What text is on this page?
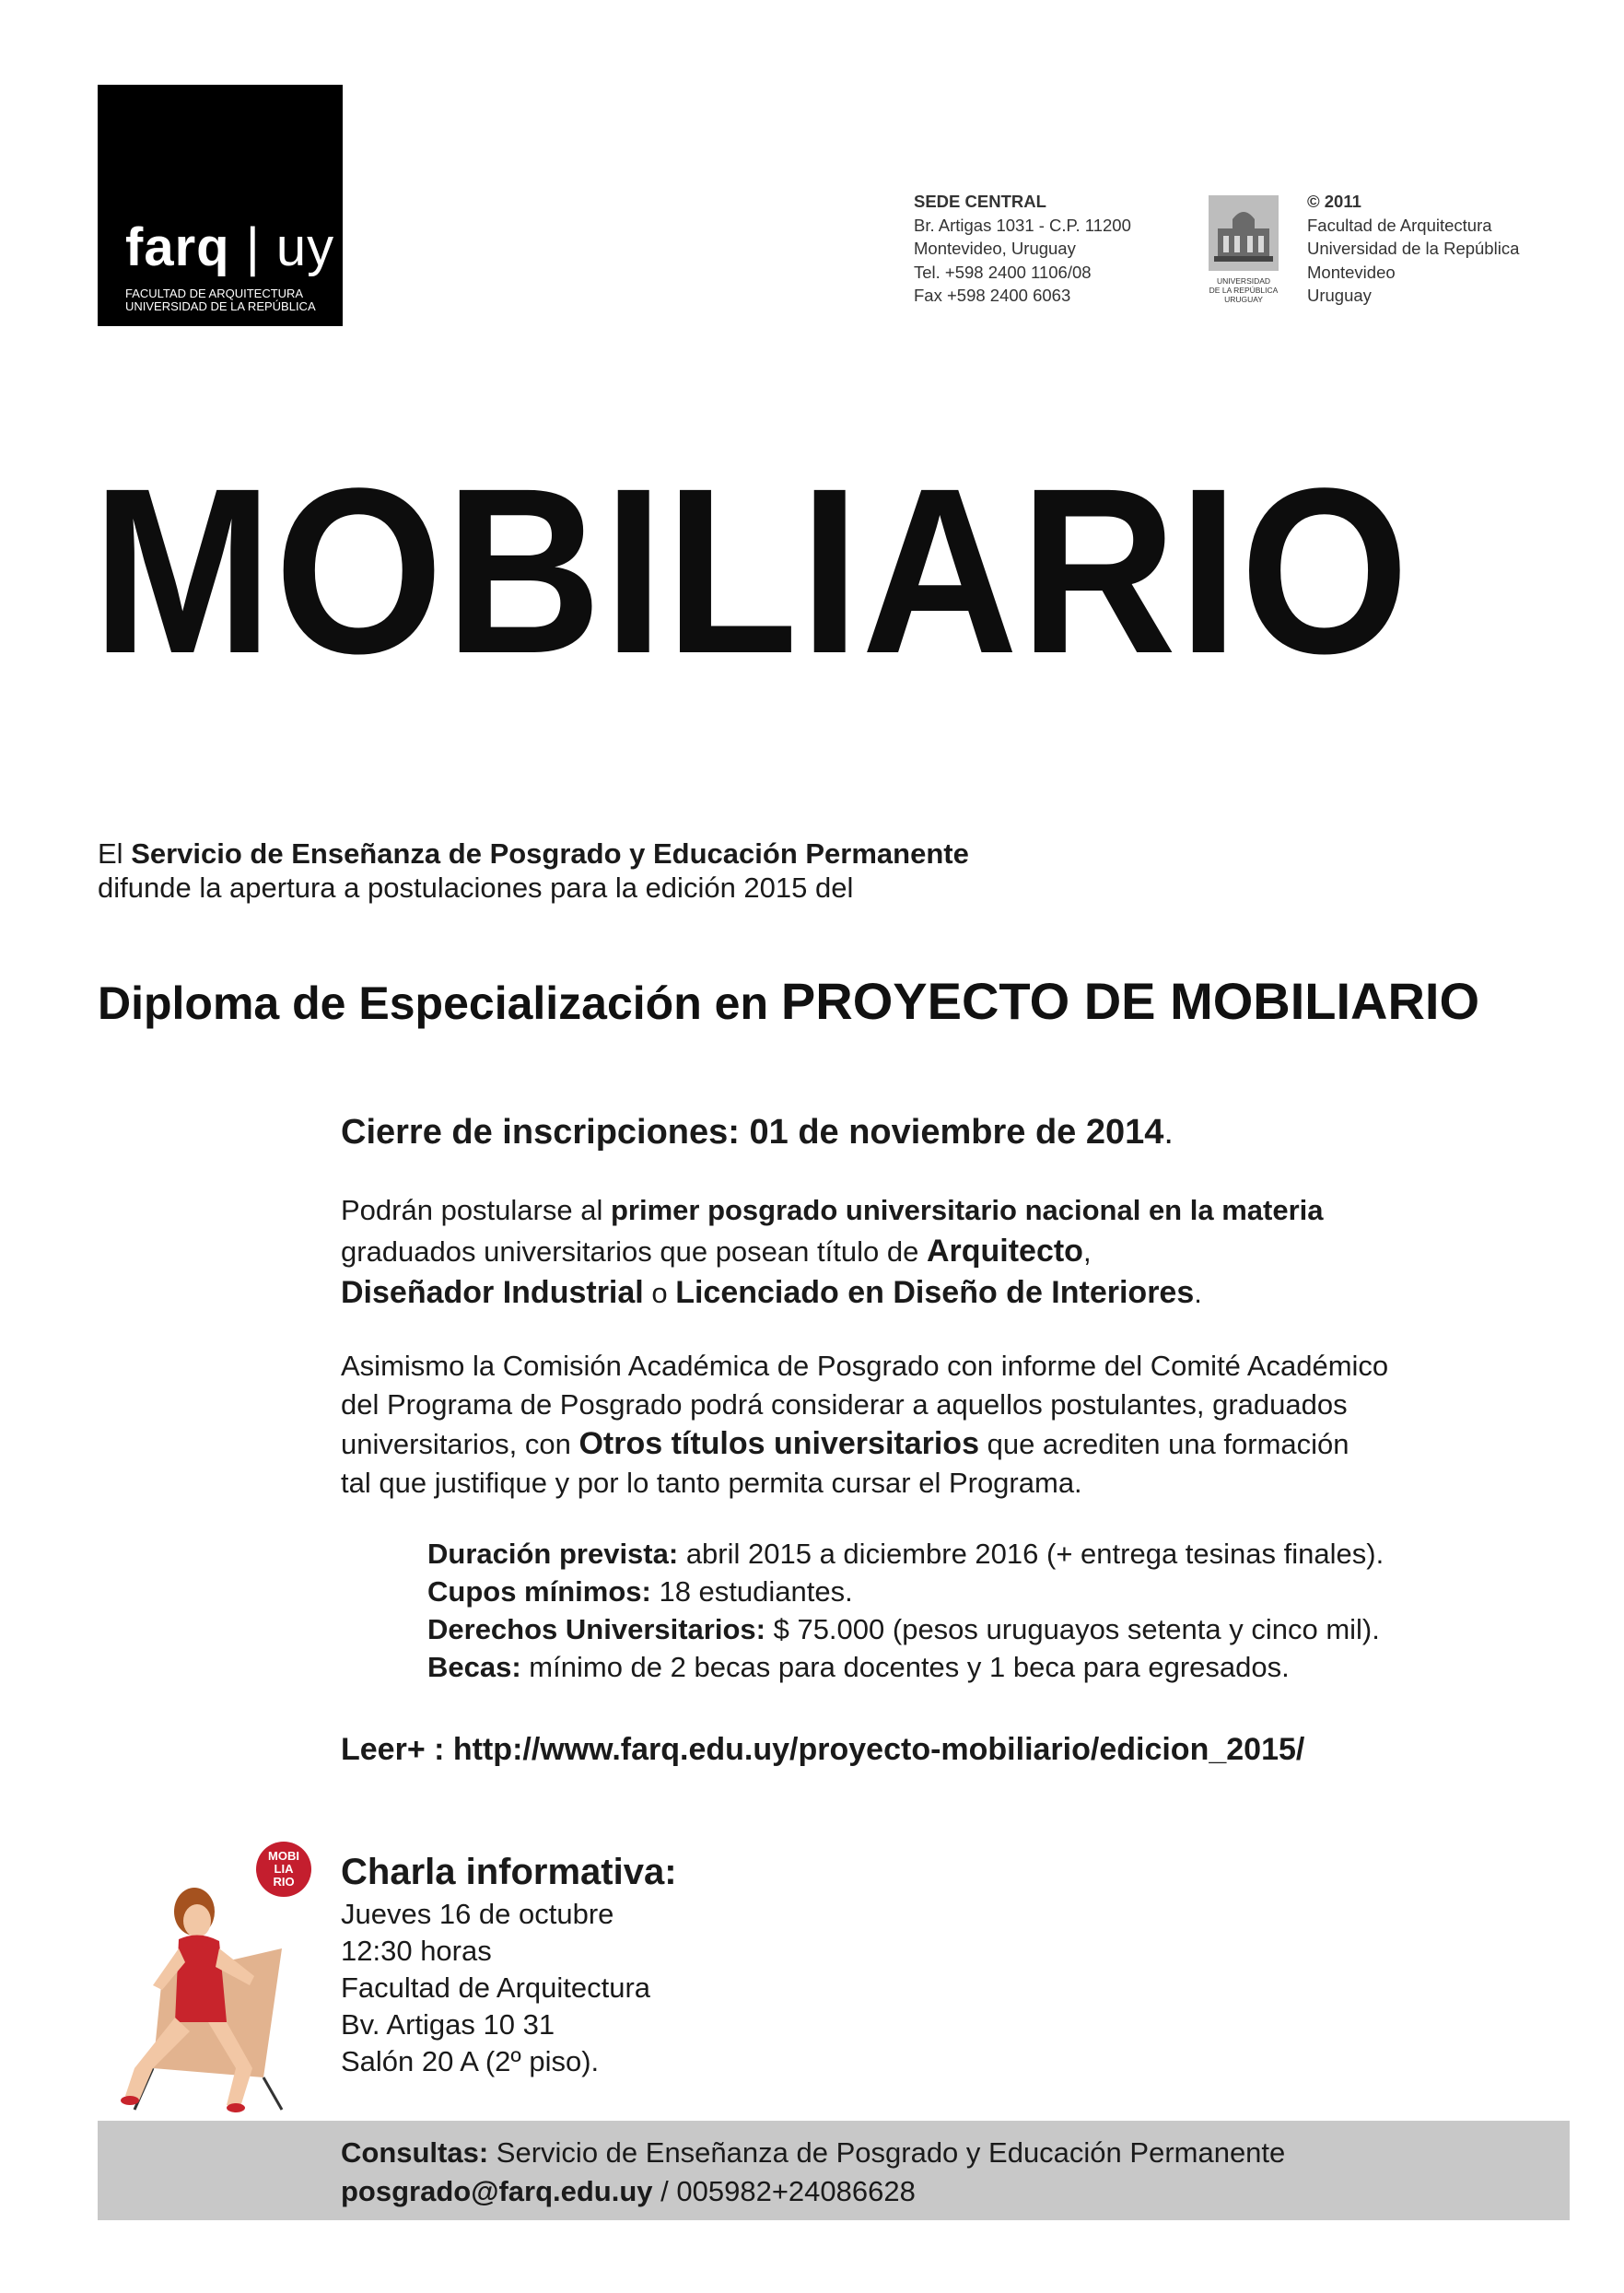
farq | uy
FACULTAD DE ARQUITECTURA
UNIVERSIDAD DE LA REPÚBLICA
SEDE CENTRAL
Br. Artigas 1031 - C.P. 11200
Montevideo, Uruguay
Tel. +598 2400 1106/08
Fax +598 2400 6063
UNIVERSIDAD
DE LA REPÚBLICA
URUGUAY
© 2011
Facultad de Arquitectura
Universidad de la República
Montevideo
Uruguay
MOBILIARIO
El Servicio de Enseñanza de Posgrado y Educación Permanente
difunde la apertura a postulaciones para la edición 2015 del
Diploma de Especialización en PROYECTO DE MOBILIARIO
Cierre de inscripciones: 01 de noviembre de 2014.
Podrán postularse al primer posgrado universitario nacional en la materia
graduados universitarios que posean título de Arquitecto,
Diseñador Industrial o Licenciado en Diseño de Interiores.
Asimismo la Comisión Académica de Posgrado con informe del Comité Académico
del Programa de Posgrado podrá considerar a aquellos postulantes, graduados
universitarios, con Otros títulos universitarios que acrediten una formación
tal que justifique y por lo tanto permita cursar el Programa.
Duración prevista: abril 2015 a diciembre 2016 (+ entrega tesinas finales).
Cupos mínimos: 18 estudiantes.
Derechos Universitarios: $ 75.000 (pesos uruguayos setenta y cinco mil).
Becas: mínimo de 2 becas para docentes y 1 beca para egresados.
Leer+ : http://www.farq.edu.uy/proyecto-mobiliario/edicion_2015/
MOBI
LIA
RIO Charla informativa:
Jueves 16 de octubre
12:30 horas
Facultad de Arquitectura
Bv. Artigas 10 31
Salón 20 A (2º piso).
Consultas: Servicio de Enseñanza de Posgrado y Educación Permanente
posgrado@farq.edu.uy / 005982+24086628
